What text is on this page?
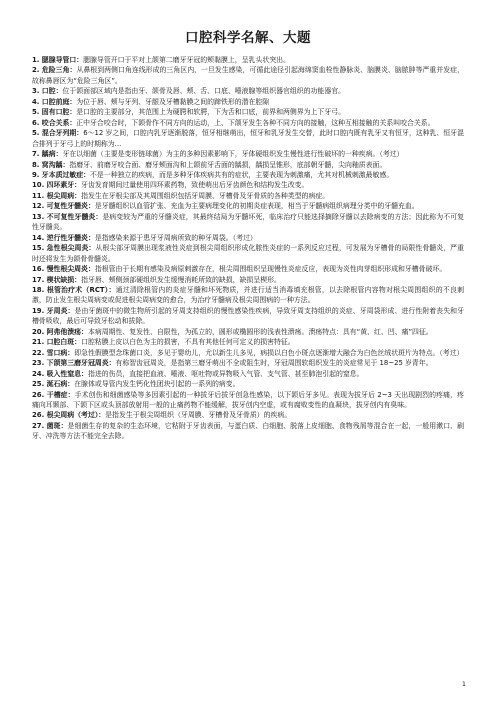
口腔科学名解、大题

1. 腮腺导管口：腮腺导管开口于平对上颌第二磨牙牙冠的颊黏膜上，呈乳头状突出。

2. 危险三角：从鼻根到两侧口角连线形成的三角区内，一旦发生感染，可循此途径引起海绵窦血栓性静脉炎、脑膜炎、脑脓肿等严重并发症，故称鼻唇区为“危险三角区”。

3. 口腔：位于颌面部区域内是指由牙、颌骨及唇、颊、舌、口底、唾液腺等组织器官组织的功能器官。

4. 口腔前庭：为位于唇、颊与牙列、牙龈及牙槽黏膜之间的蹄铁形的潜在腔隙

5. 固有口腔：是口腔的主要部分，其范围上为硬腭和软腭，下为舌和口底，前界和两侧界为上下牙弓。

6. 咬合关系：正中牙合咬合时，下颌骨作不同方向的运动，上、下颌牙发生各种不同方向的接触，这种互相接触的关系叫咬合关系。

5. 混合牙列期：6～12 岁之间，口腔内乳牙逐渐脱落，恒牙相继萌出，恒牙和乳牙发生交替，此时口腔内既有乳牙又有恒牙，这种乳、恒牙混合排列于牙弓上的时期称为...

7. 龋病：牙在以细菌（主要是变形链球菌）为主的多种因素影响下，牙体硬组织发生慢性进行性破坏的一种疾病。（考过）

8. 窝沟龋：指磨牙、前磨牙咬合面、磨牙颊面沟和上颌前牙舌面的龋损，龋损呈锥形，底部朝牙髓，尖向釉质表面。

9. 牙本质过敏症：不是一种独立的疾病，而是多种牙体疾病共有的症状，主要表现为刺激痛，尤其对机械刺激最敏感。

10. 四环素牙：牙齿发育期间过量使用四环素药物，致使萌出后牙齿颜色和结构发生改变。

11. 根尖周病：指发生在牙根尖部及其周围组织包括牙周膜、牙槽骨及牙骨质的各种类型的病症。

12. 可复性牙髓炎：是牙髓组织以血管扩张、充血为主要病理变化的初期炎症表现，相当于牙髓病组织病理分类中的牙髓充血。

13. 不可复性牙髓炎：是病变较为严重的牙髓炎症，其最终结局为牙髓坏死，临床治疗只能选择摘除牙髓以去除病变的方法；因此称为不可复性牙髓炎。

14. 逆行性牙髓炎：是指感染来源于患牙牙周病所致的种牙周袋。（考过）

15. 急性根尖周炎：从根尖部牙周膜出现浆液性炎症到根尖周组织形成化脓性炎症的一系列反应过程，可发展为牙槽骨的局限性骨髓炎，严重时还将发生为颌骨骨髓炎。

16. 慢性根尖周炎：指根管由于长期有感染及病原刺激存在，根尖周围组织呈现慢性炎症反应，表现为炎性肉芽组织形成和牙槽骨破坏。

17. 楔状缺损：指牙唇、颊侧颈部硬组织发生缓慢消耗所致的缺损，缺损呈楔形。

18. 根管治疗术（RCT）：通过清除根管内的炎症牙髓和坏死物质，并进行适当消毒填充根管，以去除根管内容物对根尖周围组织的不良刺激，防止发生根尖周病变或促进根尖周病变的愈合，为治疗牙髓病及根尖周围病的一种方法。

19. 牙周炎：是由牙菌斑中的微生物所引起的牙周支持组织的慢性感染性疾病，导致牙周支持组织的炎症、牙周袋形成、进行性附着丧失和牙槽骨吸收，最后可导致牙松动和拔除。

20. 阿弗他溃疡：本病周期性、复发性、自限性，为孤立的，圆形或椭圆形的浅表性溃疡。溃疡特点：具有“黄、红、凹、痛”四征。

21. 口腔白斑：口腔粘膜上皮以白色为主的损害，不具有其他任何可定义的损害特征。

22. 雪口病：即急性假膜型念珠菌口炎，多见于婴幼儿，尤以新生儿多见，病损以白色小斑点逐渐增大融合为白色丝绒状斑片为特点。（考过）

23. 下颌第三磨牙冠周炎：有称智齿冠周炎，是指第三磨牙萌出不全或阻生时，牙冠周围软组织发生的炎症常见于 18~25 岁青年。

24. 吸入性窒息：指进的伤员，直接把血液、唾液、呕吐物或异物吸入气管、支气管、甚至肺泡引起的窒息。

25. 涎石病：在腺体或导管内发生钙化性团块引起的一系列的病变。

26. 干槽症：手术创伤和细菌感染等多因素引起的一种拔牙后拔牙创急性感染，以下颌后牙多见。表现为拔牙后 2~3 天出现剧烈的疼痛，疼痛向耳颞部、下颌下区或头顶部放射用一般的止痛药物不能缓解，拔牙创内空虚，或有腐败变性的血凝块，拔牙创内有臭味。

26. 根尖周病（考过）：是指发生于根尖周组织（牙周膜、牙槽骨及牙骨质）的疾病。

27. 菌斑：是细菌生存的复杂的生态环境，它粘附于牙齿表面，与蛋白质、白细胞、脱落上皮细胞、食物残屑等混合在一起，一般用漱口、刷牙、冲洗等方法不能完全去除。

1
